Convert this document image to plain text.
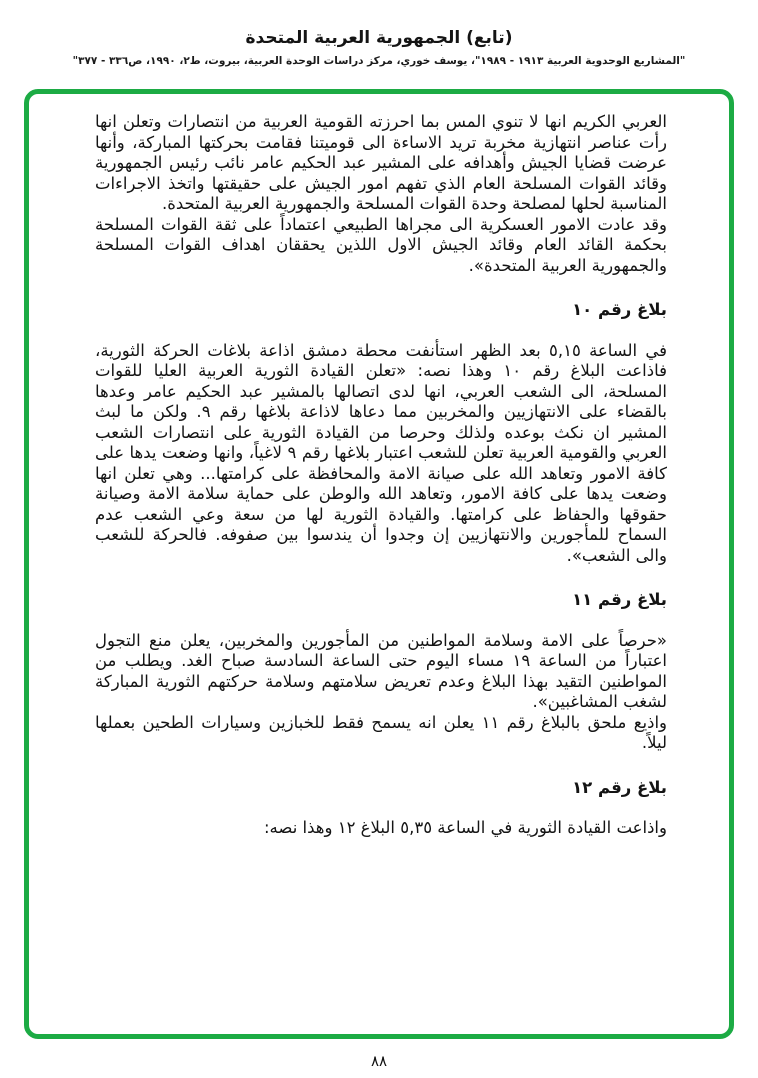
(تابع) الجمهورية العربية المتحدة
"المشاريع الوحدوية العربية ١٩١٣ - ١٩٨٩"، يوسف خوري، مركز دراسات الوحدة العربية، بيروت، ط٢، ١٩٩٠، ص٣٣٦ - ٣٧٧"

العربي الكريم انها لا تنوي المس بما احرزته القومية العربية من انتصارات وتعلن انها رأت عناصر انتهازية مخربة تريد الاساءة الى قوميتنا فقامت بحركتها المباركة، وأنها عرضت قضايا الجيش وأهدافه على المشير عبد الحكيم عامر نائب رئيس الجمهورية وقائد القوات المسلحة العام الذي تفهم امور الجيش على حقيقتها واتخذ الاجراءات المناسبة لحلها لمصلحة وحدة القوات المسلحة والجمهورية العربية المتحدة.

وقد عادت الامور العسكرية الى مجراها الطبيعي اعتماداً على ثقة القوات المسلحة بحكمة القائد العام وقائد الجيش الاول اللذين يحققان اهداف القوات المسلحة والجمهورية العربية المتحدة».

بلاغ رقم ١٠

في الساعة ٥,١٥ بعد الظهر استأنفت محطة دمشق اذاعة بلاغات الحركة الثورية، فاذاعت البلاغ رقم ١٠ وهذا نصه: «تعلن القيادة الثورية العربية العليا للقوات المسلحة، الى الشعب العربي، انها لدى اتصالها بالمشير عبد الحكيم عامر وعدها بالقضاء على الانتهازيين والمخربين مما دعاها لاذاعة بلاغها رقم ٩. ولكن ما لبث المشير ان نكث بوعده ولذلك وحرصا من القيادة الثورية على انتصارات الشعب العربي والقومية العربية تعلن للشعب اعتبار بلاغها رقم ٩ لاغياً، وانها وضعت يدها على كافة الامور وتعاهد الله على صيانة الامة والمحافظة على كرامتها... وهي تعلن انها وضعت يدها على كافة الامور، وتعاهد الله والوطن على حماية سلامة الامة وصيانة حقوقها والحفاظ على كرامتها. والقيادة الثورية لها من سعة وعي الشعب عدم السماح للمأجورين والانتهازيين إن وجدوا أن يندسوا بين صفوفه. فالحركة للشعب والى الشعب».

بلاغ رقم ١١

«حرصاً على الامة وسلامة المواطنين من المأجورين والمخربين، يعلن منع التجول اعتباراً من الساعة ١٩ مساء اليوم حتى الساعة السادسة صباح الغد. ويطلب من المواطنين التقيد بهذا البلاغ وعدم تعريض سلامتهم وسلامة حركتهم الثورية المباركة لشغب المشاغبين».

واذيع ملحق بالبلاغ رقم ١١ يعلن انه يسمح فقط للخبازين وسيارات الطحين بعملها ليلاً.

بلاغ رقم ١٢

واذاعت القيادة الثورية في الساعة ٥,٣٥ البلاغ ١٢ وهذا نصه:

٨٨
